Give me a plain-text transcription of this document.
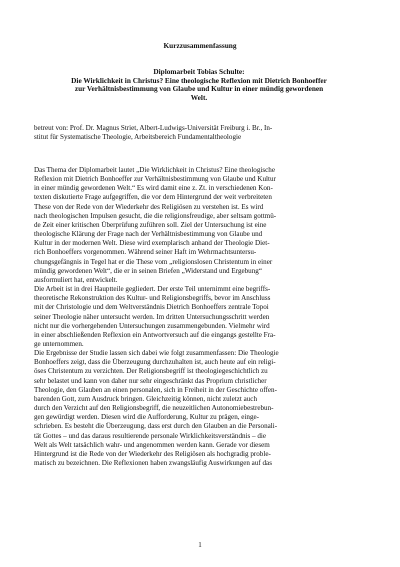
Kurzzusammenfassung
Diplomarbeit Tobias Schulte:
Die Wirklichkeit in Christus? Eine theologische Reflexion mit Dietrich Bonhoeffer
zur Verhältnisbestimmung von Glaube und Kultur in einer mündig gewordenen
Welt.
betreut von: Prof. Dr. Magnus Striet, Albert-Ludwigs-Universität Freiburg i. Br., In-
stitut für Systematische Theologie, Arbeitsbereich Fundamentaltheologie
Das Thema der Diplomarbeit lautet „Die Wirklichkeit in Christus? Eine theologische
Reflexion mit Dietrich Bonhoeffer zur Verhältnisbestimmung von Glaube und Kultur
in einer mündig gewordenen Welt.“ Es wird damit eine z. Zt. in verschiedenen Kon-
texten diskutierte Frage aufgegriffen, die vor dem Hintergrund der weit verbreiteten
These von der Rede von der Wiederkehr des Religiösen zu verstehen ist. Es wird
nach theologischen Impulsen gesucht, die die religionsfreudige, aber seltsam gottmü-
de Zeit einer kritischen Überprüfung zuführen soll. Ziel der Untersuchung ist eine
theologische Klärung der Frage nach der Verhältnisbestimmung von Glaube und
Kultur in der modernen Welt. Diese wird exemplarisch anhand der Theologie Diet-
rich Bonhoeffers vorgenommen. Während seiner Haft im Wehrmachtsuntersu-
chungsgefängnis in Tegel hat er die These vom „religionslosen Christentum in einer
mündig gewordenen Welt“, die er in seinen Briefen „Widerstand und Ergebung“
ausformuliert hat, entwickelt.
Die Arbeit ist in drei Hauptteile gegliedert. Der erste Teil unternimmt eine begriffs-
theoretische Rekonstruktion des Kultur- und Religionsbegriffs, bevor im Anschluss
mit der Christologie und dem Weltverständnis Dietrich Bonhoeffers zentrale Topoi
seiner Theologie näher untersucht werden. Im dritten Untersuchungsschritt werden
nicht nur die vorhergehenden Untersuchungen zusammengebunden. Vielmehr wird
in einer abschließenden Reflexion ein Antwortversuch auf die eingangs gestellte Fra-
ge unternommen.
Die Ergebnisse der Studie lassen sich dabei wie folgt zusammenfassen: Die Theologie
Bonhoeffers zeigt, dass die Überzeugung durchzuhalten ist, auch heute auf ein religi-
öses Christentum zu verzichten. Der Religionsbegriff ist theologiegeschichtlich zu
sehr belastet und kann von daher nur sehr eingeschränkt das Proprium christlicher
Theologie, den Glauben an einen personalen, sich in Freiheit in der Geschichte offen-
barenden Gott, zum Ausdruck bringen. Gleichzeitig können, nicht zuletzt auch
durch den Verzicht auf den Religionsbegriff, die neuzeitlichen Autonomiebestrebun-
gen gewürdigt werden. Diesen wird die Aufforderung, Kultur zu prägen, einge-
schrieben. Es besteht die Überzeugung, dass erst durch den Glauben an die Personali-
tät Gottes – und das daraus resultierende personale Wirklichkeitsverständnis – die
Welt als Welt tatsächlich wahr- und angenommen werden kann. Gerade vor diesem
Hintergrund ist die Rede von der Wiederkehr des Religiösen als hochgradig proble-
matisch zu bezeichnen. Die Reflexionen haben zwangsläufig Auswirkungen auf das
1
